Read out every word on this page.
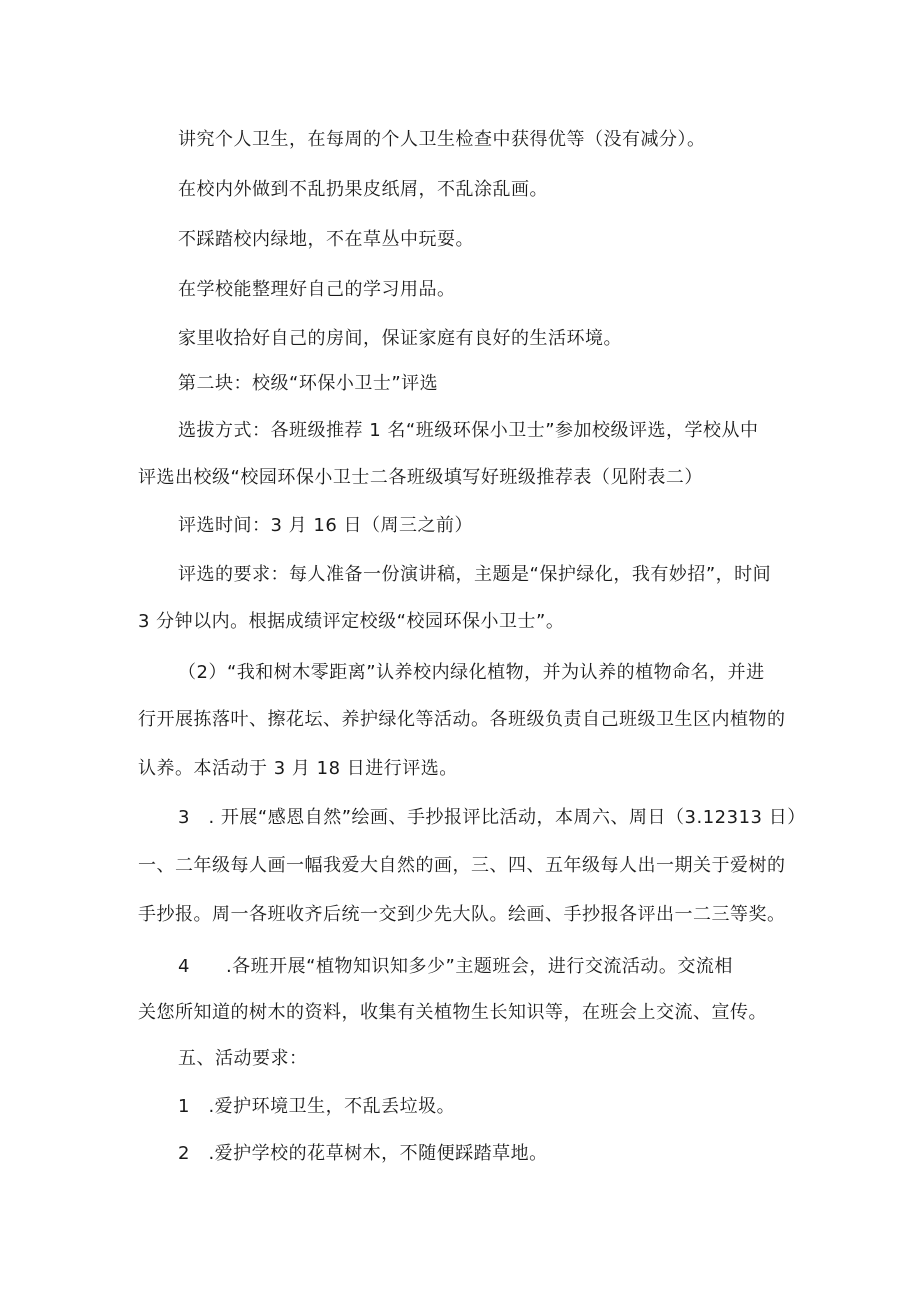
讲究个人卫生，在每周的个人卫生检查中获得优等（没有减分）。
在校内外做到不乱扔果皮纸屑，不乱涂乱画。
不踩踏校内绿地，不在草丛中玩耍。
在学校能整理好自己的学习用品。
家里收拾好自己的房间，保证家庭有良好的生活环境。
第二块：校级“环保小卫士”评选
选拔方式：各班级推荐 1 名“班级环保小卫士”参加校级评选，学校从中
评选出校级“校园环保小卫士二各班级填写好班级推荐表（见附表二）
评选时间：3 月 16 日（周三之前）
评选的要求：每人准备一份演讲稿，主题是“保护绿化，我有妙招”，时间
3 分钟以内。根据成绩评定校级“校园环保小卫士”。
（2）“我和树木零距离”认养校内绿化植物，并为认养的植物命名，并进
行开展拣落叶、擦花坛、养护绿化等活动。各班级负责自己班级卫生区内植物的
认养。本活动于 3 月 18 日进行评选。
3　. 开展“感恩自然”绘画、手抄报评比活动，本周六、周日（3.12313 日）
一、二年级每人画一幅我爱大自然的画，三、四、五年级每人出一期关于爱树的
手抄报。周一各班收齐后统一交到少先大队。绘画、手抄报各评出一二三等奖。
4 .各班开展“植物知识知多少”主题班会，进行交流活动。交流相
关您所知道的树木的资料，收集有关植物生长知识等，在班会上交流、宣传。
五、活动要求：
1　.爱护环境卫生，不乱丢垃圾。
2　.爱护学校的花草树木，不随便踩踏草地。
